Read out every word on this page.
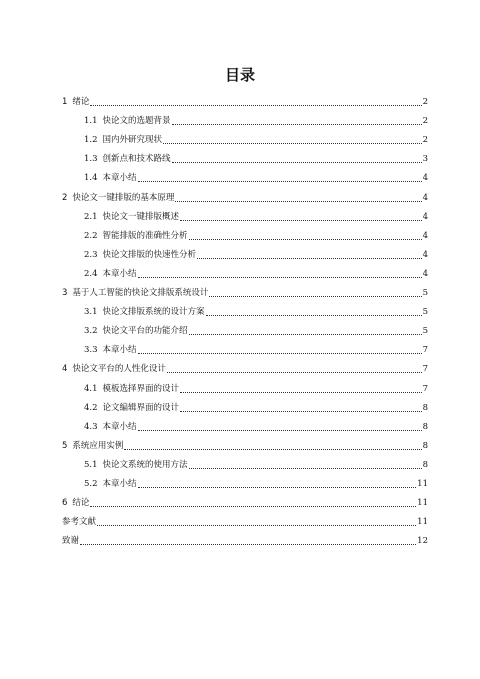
目录
1 绪论	2
1.1 快论文的选题背景	2
1.2 国内外研究现状	2
1.3 创新点和技术路线	3
1.4 本章小结	4
2 快论文一键排版的基本原理	4
2.1 快论文一键排版概述	4
2.2 智能排版的准确性分析	4
2.3 快论文排版的快速性分析	4
2.4 本章小结	4
3 基于人工智能的快论文排版系统设计	5
3.1 快论文排版系统的设计方案	5
3.2 快论文平台的功能介绍	5
3.3 本章小结	7
4 快论文平台的人性化设计	7
4.1 模板选择界面的设计	7
4.2 论文编辑界面的设计	8
4.3 本章小结	8
5 系统应用实例	8
5.1 快论文系统的使用方法	8
5.2 本章小结	11
6 结论	11
参考文献	11
致谢	12
